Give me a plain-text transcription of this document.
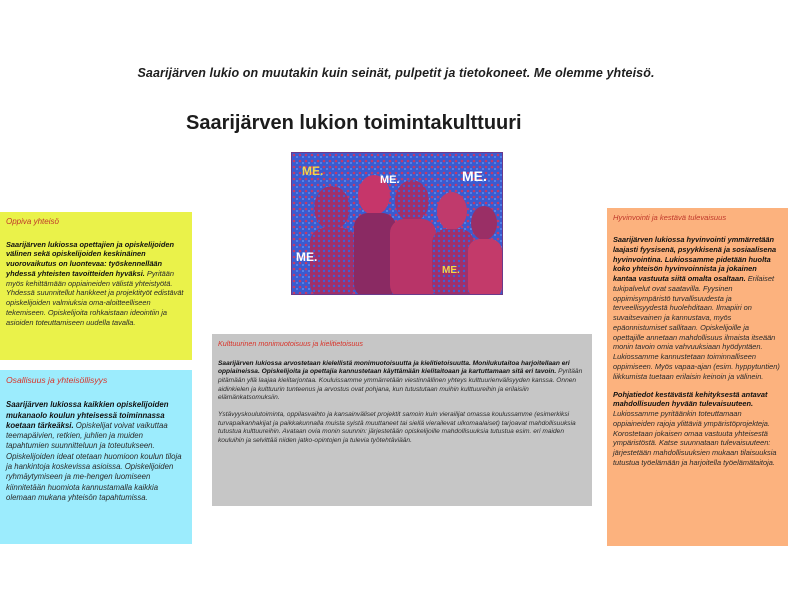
Saarijärven lukio on muutakin kuin seinät, pulpetit ja tietokoneet. Me olemme yhteisö.
Saarijärven lukion toimintakulttuuri
ME.
ME.	ME.
ME.
ME.
Oppiva yhteisö

Saarijärven lukiossa opettajien ja opiskelijoiden välinen sekä opiskelijoiden keskinäinen vuorovaikutus on luontevaa: työskennellään yhdessä yhteisten tavoitteiden hyväksi. Pyritään myös kehittämään oppiaineiden välistä yhteistyötä. Yhdessä suunnitellut hankkeet ja projektityöt edistävät opiskelijoiden valmiuksia oma-aloitteelliseen tekemiseen. Opiskelijoita rohkaistaan ideointiin ja asioiden toteuttamiseen uudella tavalla.

Osallisuus ja yhteisöllisyys

Saarijärven lukiossa kaikkien opiskelijoiden mukanaolo koulun yhteisessä toiminnassa koetaan tärkeäksi. Opiskelijat voivat vaikuttaa teemapäivien, retkien, juhlien ja muiden tapahtumien suunnitteluun ja toteutukseen. Opiskelijoiden ideat otetaan huomioon koulun tiloja ja hankintoja koskevissa asioissa. Opiskelijoiden ryhmäytymiseen ja me-hengen luomiseen kiinnitetään huomiota kannustamalla kaikkia olemaan mukana yhteisön tapahtumissa.

Kulttuurinen monimuotoisuus ja kielitietoisuus

Saarijärven lukiossa arvostetaan kielellistä monimuotoisuutta ja kielitietoisuutta. Monilukutaitoa harjoitellaan eri oppiaineissa. Opiskelijoita ja opettajia kannustetaan käyttämään kielitaitoaan ja kartuttamaan sitä eri tavoin. Pyritään pitämään yllä laajaa kielitarjontaa. Kouluissamme ymmärretään viestinnällinen yhteys kulttuurienvälisyyden kanssa. Onnen aidinkielen ja kulttuurin tunteenus ja arvostus ovat pohjana, kun tutustutaan muihin kulttuureihin ja erilaisiin elämänkatsomuksiin.

Ystävyyskoulutoiminta, oppilasvaihto ja kansainväliset projektit samoin kuin vierailijat omassa koulussamme (esimerkiksi turvapaikanhakijat ja paikkakunnalla muista syistä muuttaneet tai siellä vierailevat ulkomaalaiset) tarjoavat mahdollisuuksia tutustua kulttuureihin. Avataan ovia monin suunnin: järjestetään opiskelijoille mahdollisuuksia tutustua esim. eri maiden kouluihin ja selvittää niiden jatko-opintojen ja tulevia työtehtäviään.

Hyvinvointi ja kestävä tulevaisuus

Saarijärven lukiossa hyvinvointi ymmärretään laajasti fyysisenä, psyykkisenä ja sosiaalisena hyvinvointina. Lukiossamme pidetään huolta koko yhteisön hyvinvoinnista ja jokainen kantaa vastuuta siitä omalta osaltaan. Erilaiset tukipalvelut ovat saatavilla. Fyysinen oppimisympäristö turvallisuudesta ja terveellisyydestä huolehditaan. Ilmapiiri on suvaitsevainen ja kannustava, myös epäonnistumiset sallitaan. Opiskelijoille ja opettajille annetaan mahdollisuus ilmaista itseään monin tavoin omia vahvuuksiaan hyödyntäen. Lukiossamme kannustetaan toiminnalliseen oppimiseen. Myös vapaa-ajan (esim. hyppytuntien) liikkumista tuetaan erilaisin keinoin ja välinein.

Pohjatiedot kestävästä kehityksestä antavat mahdollisuuden hyvään tulevaisuuteen. Lukiossamme pyritäänkin toteuttamaan oppiaineiden rajoja ylittäviä ympäristöprojekteja. Korostetaan jokaisen omaa vastuuta yhteisestä ympäristöstä. Katse suunnataan tulevaisuuteen: järjestetään mahdollisuuksien mukaan tilaisuuksia tutustua työelämään ja harjoitella työelämätaitoja.
